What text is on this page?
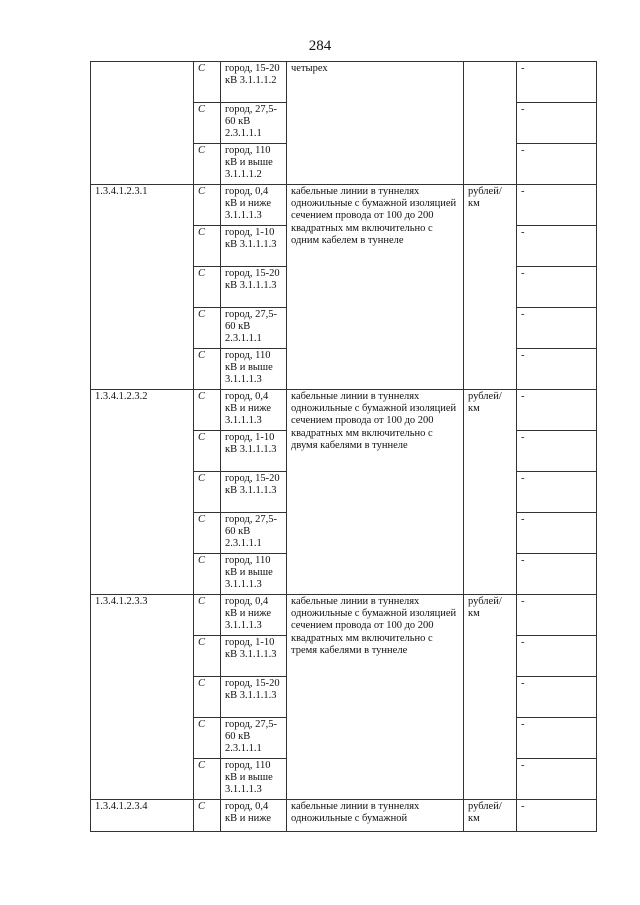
284
	C	город, 15-20 кВ 3.1.1.1.2	четырех		-
	C	город, 27,5-60 кВ 2.3.1.1.1			-
	C	город, 110 кВ и выше 3.1.1.1.2			-
1.3.4.1.2.3.1	C	город, 0,4 кВ и ниже 3.1.1.1.3	кабельные линии в туннелях одножильные с бумажной изоляцией сечением провода от 100 до 200 квадратных мм включительно с одним кабелем в туннеле	рублей/км	-
	C	город, 1-10 кВ 3.1.1.1.3			-
	C	город, 15-20 кВ 3.1.1.1.3			-
	C	город, 27,5-60 кВ 2.3.1.1.1			-
	C	город, 110 кВ и выше 3.1.1.1.3			-
1.3.4.1.2.3.2	C	город, 0,4 кВ и ниже 3.1.1.1.3	кабельные линии в туннелях одножильные с бумажной изоляцией сечением провода от 100 до 200 квадратных мм включительно с двумя кабелями в туннеле	рублей/км	-
	C	город, 1-10 кВ 3.1.1.1.3			-
	C	город, 15-20 кВ 3.1.1.1.3			-
	C	город, 27,5-60 кВ 2.3.1.1.1			-
	C	город, 110 кВ и выше 3.1.1.1.3			-
1.3.4.1.2.3.3	C	город, 0,4 кВ и ниже 3.1.1.1.3	кабельные линии в туннелях одножильные с бумажной изоляцией сечением провода от 100 до 200 квадратных мм включительно с тремя кабелями в туннеле	рублей/км	-
	C	город, 1-10 кВ 3.1.1.1.3			-
	C	город, 15-20 кВ 3.1.1.1.3			-
	C	город, 27,5-60 кВ 2.3.1.1.1			-
	C	город, 110 кВ и выше 3.1.1.1.3			-
1.3.4.1.2.3.4	C	город, 0,4 кВ и ниже	кабельные линии в туннелях одножильные с бумажной	рублей/км	-
